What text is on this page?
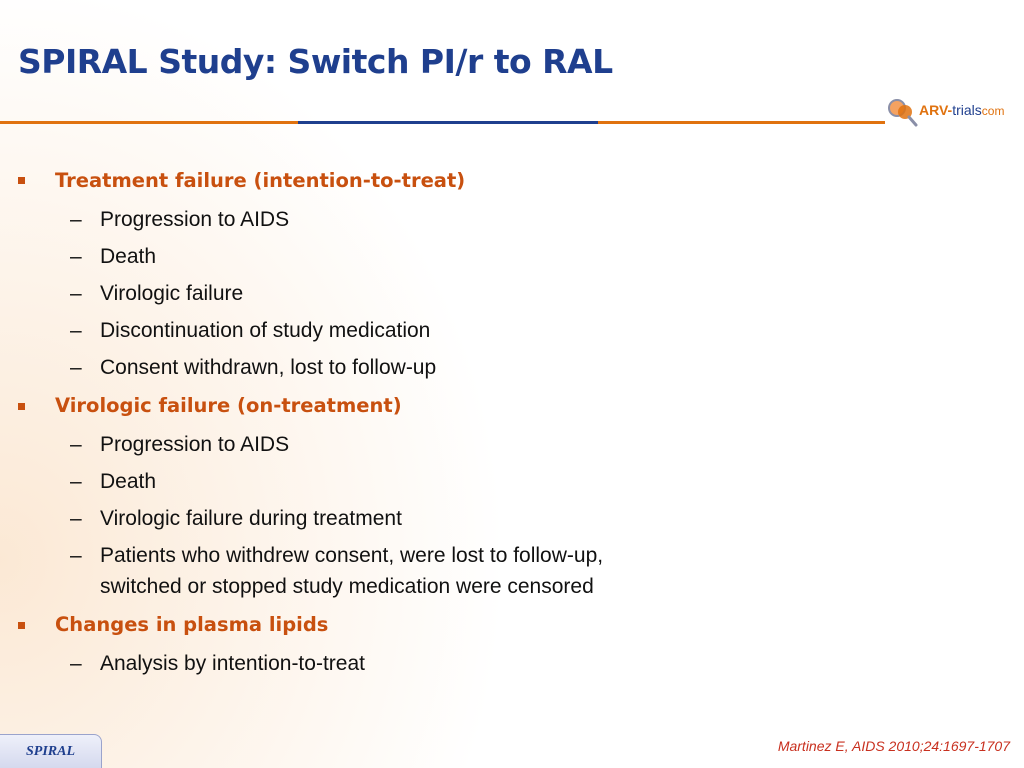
SPIRAL Study: Switch PI/r to RAL
ARV-trialscom
Treatment failure (intention-to-treat)
– Progression to AIDS
– Death
– Virologic failure
– Discontinuation of study medication
– Consent withdrawn, lost to follow-up
Virologic failure (on-treatment)
– Progression to AIDS
– Death
– Virologic failure during treatment
– Patients who withdrew consent, were lost to follow-up,
switched or stopped study medication were censored
Changes in plasma lipids
– Analysis by intention-to-treat
Martinez E, AIDS 2010;24:1697-1707
SPIRAL
